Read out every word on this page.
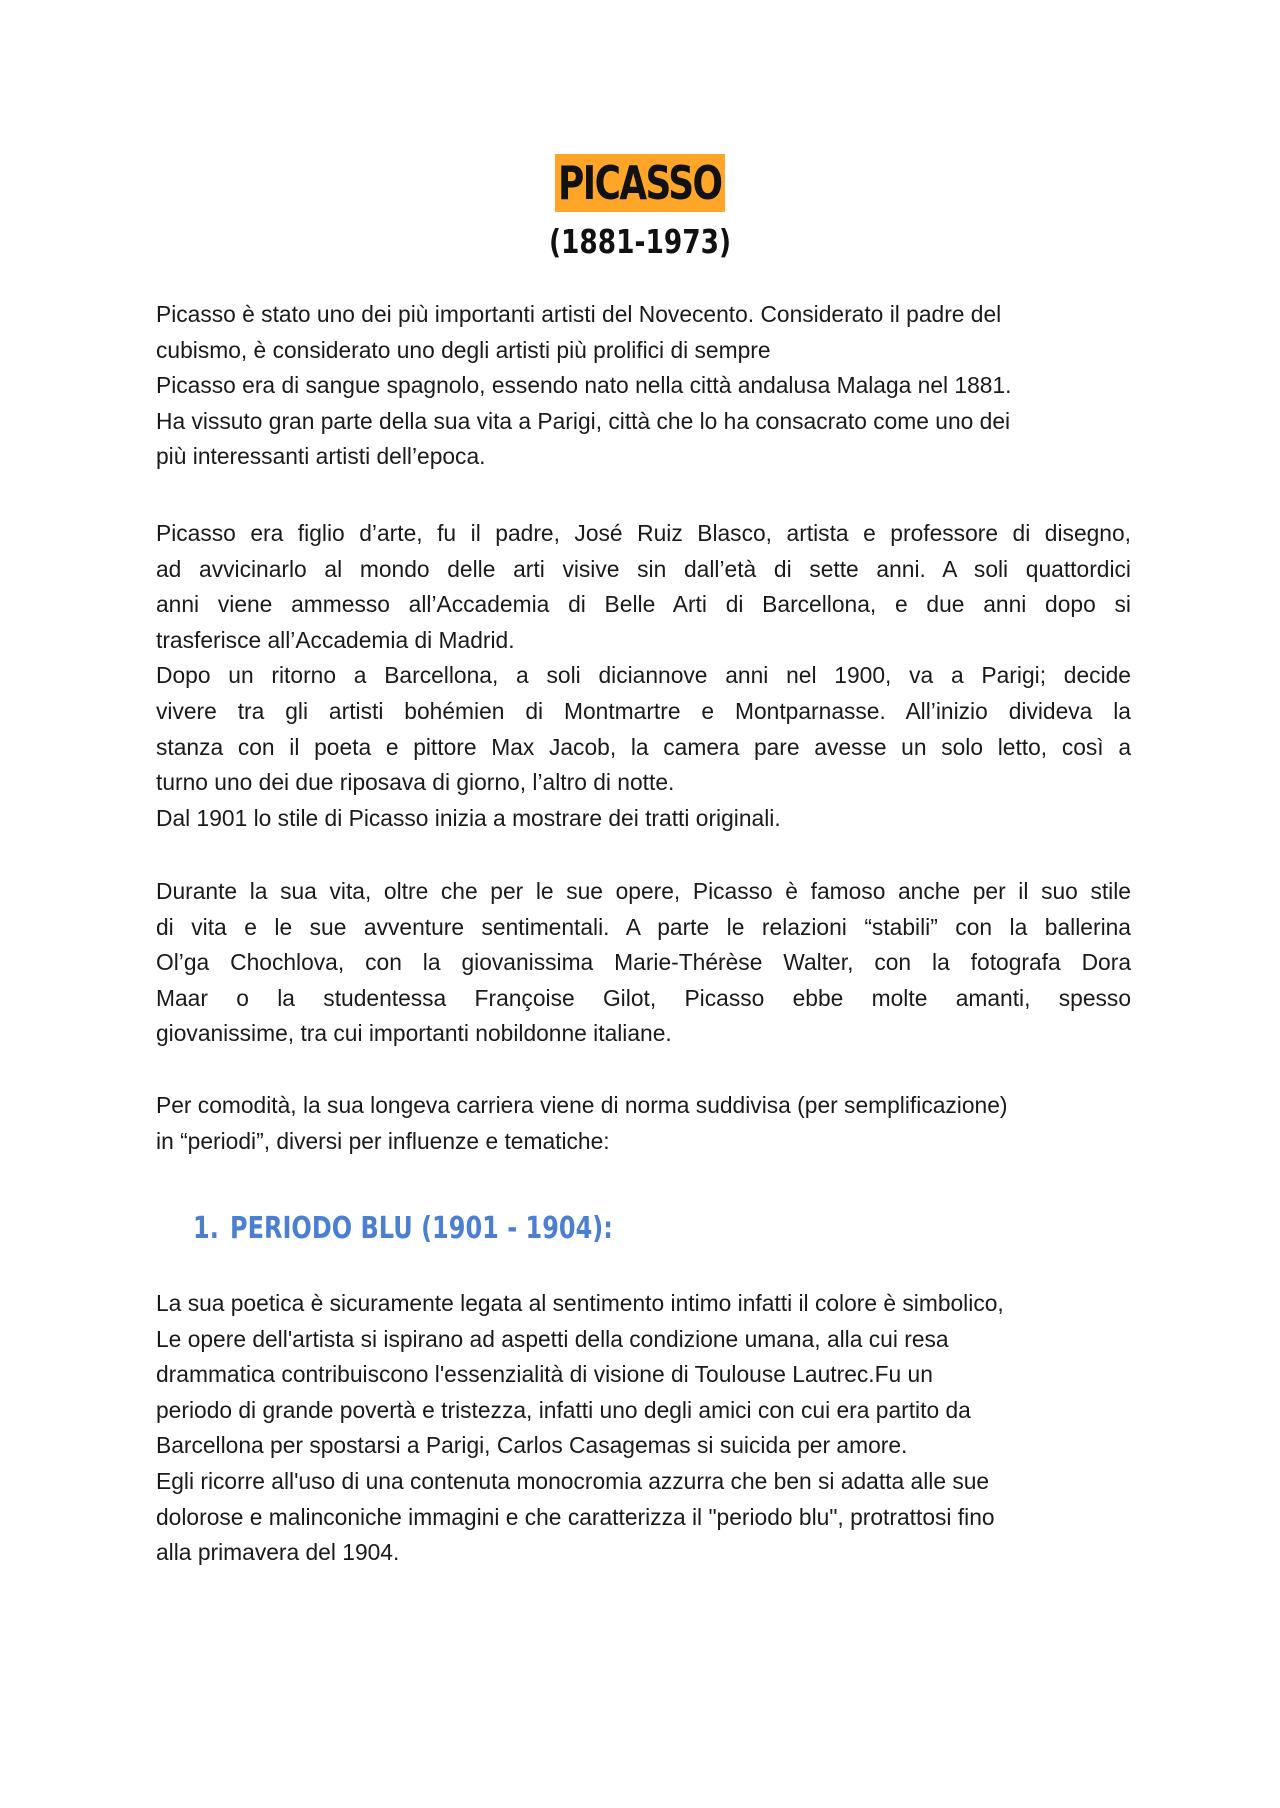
PICASSO
(1881-1973)

Picasso è stato uno dei più importanti artisti del Novecento. Considerato il padre del

cubismo, è considerato uno degli artisti più prolifici di sempre

Picasso era di sangue spagnolo, essendo nato nella città andalusa Malaga nel 1881.

Ha vissuto gran parte della sua vita a Parigi, città che lo ha consacrato come uno dei

più interessanti artisti dell’epoca.

Picasso era figlio d’arte, fu il padre, José Ruiz Blasco, artista e professore di disegno,

ad avvicinarlo al mondo delle arti visive sin dall’età di sette anni. A soli quattordici

anni viene ammesso all’Accademia di Belle Arti di Barcellona, e due anni dopo si

trasferisce all’Accademia di Madrid.

Dopo un ritorno a Barcellona, a soli diciannove anni nel 1900, va a Parigi; decide

vivere tra gli artisti bohémien di Montmartre e Montparnasse. All’inizio divideva la

stanza con il poeta e pittore Max Jacob, la camera pare avesse un solo letto, così a

turno uno dei due riposava di giorno, l’altro di notte.

Dal 1901 lo stile di Picasso inizia a mostrare dei tratti originali.

Durante la sua vita, oltre che per le sue opere, Picasso è famoso anche per il suo stile

di vita e le sue avventure sentimentali. A parte le relazioni “stabili” con la ballerina

Ol’ga Chochlova, con la giovanissima Marie-Thérèse Walter, con la fotografa Dora

Maar o la studentessa Françoise Gilot, Picasso ebbe molte amanti, spesso

giovanissime, tra cui importanti nobildonne italiane.

Per comodità, la sua longeva carriera viene di norma suddivisa (per semplificazione)

in “periodi”, diversi per influenze e tematiche:

1. PERIODO BLU (1901 - 1904):

La sua poetica è sicuramente legata al sentimento intimo infatti il colore è simbolico,

Le opere dell'artista si ispirano ad aspetti della condizione umana, alla cui resa

drammatica contribuiscono l'essenzialità di visione di Toulouse Lautrec.Fu un

periodo di grande povertà e tristezza, infatti uno degli amici con cui era partito da

Barcellona per spostarsi a Parigi, Carlos Casagemas si suicida per amore.

Egli ricorre all'uso di una contenuta monocromia azzurra che ben si adatta alle sue

dolorose e malinconiche immagini e che caratterizza il "periodo blu", protrattosi fino

alla primavera del 1904.
